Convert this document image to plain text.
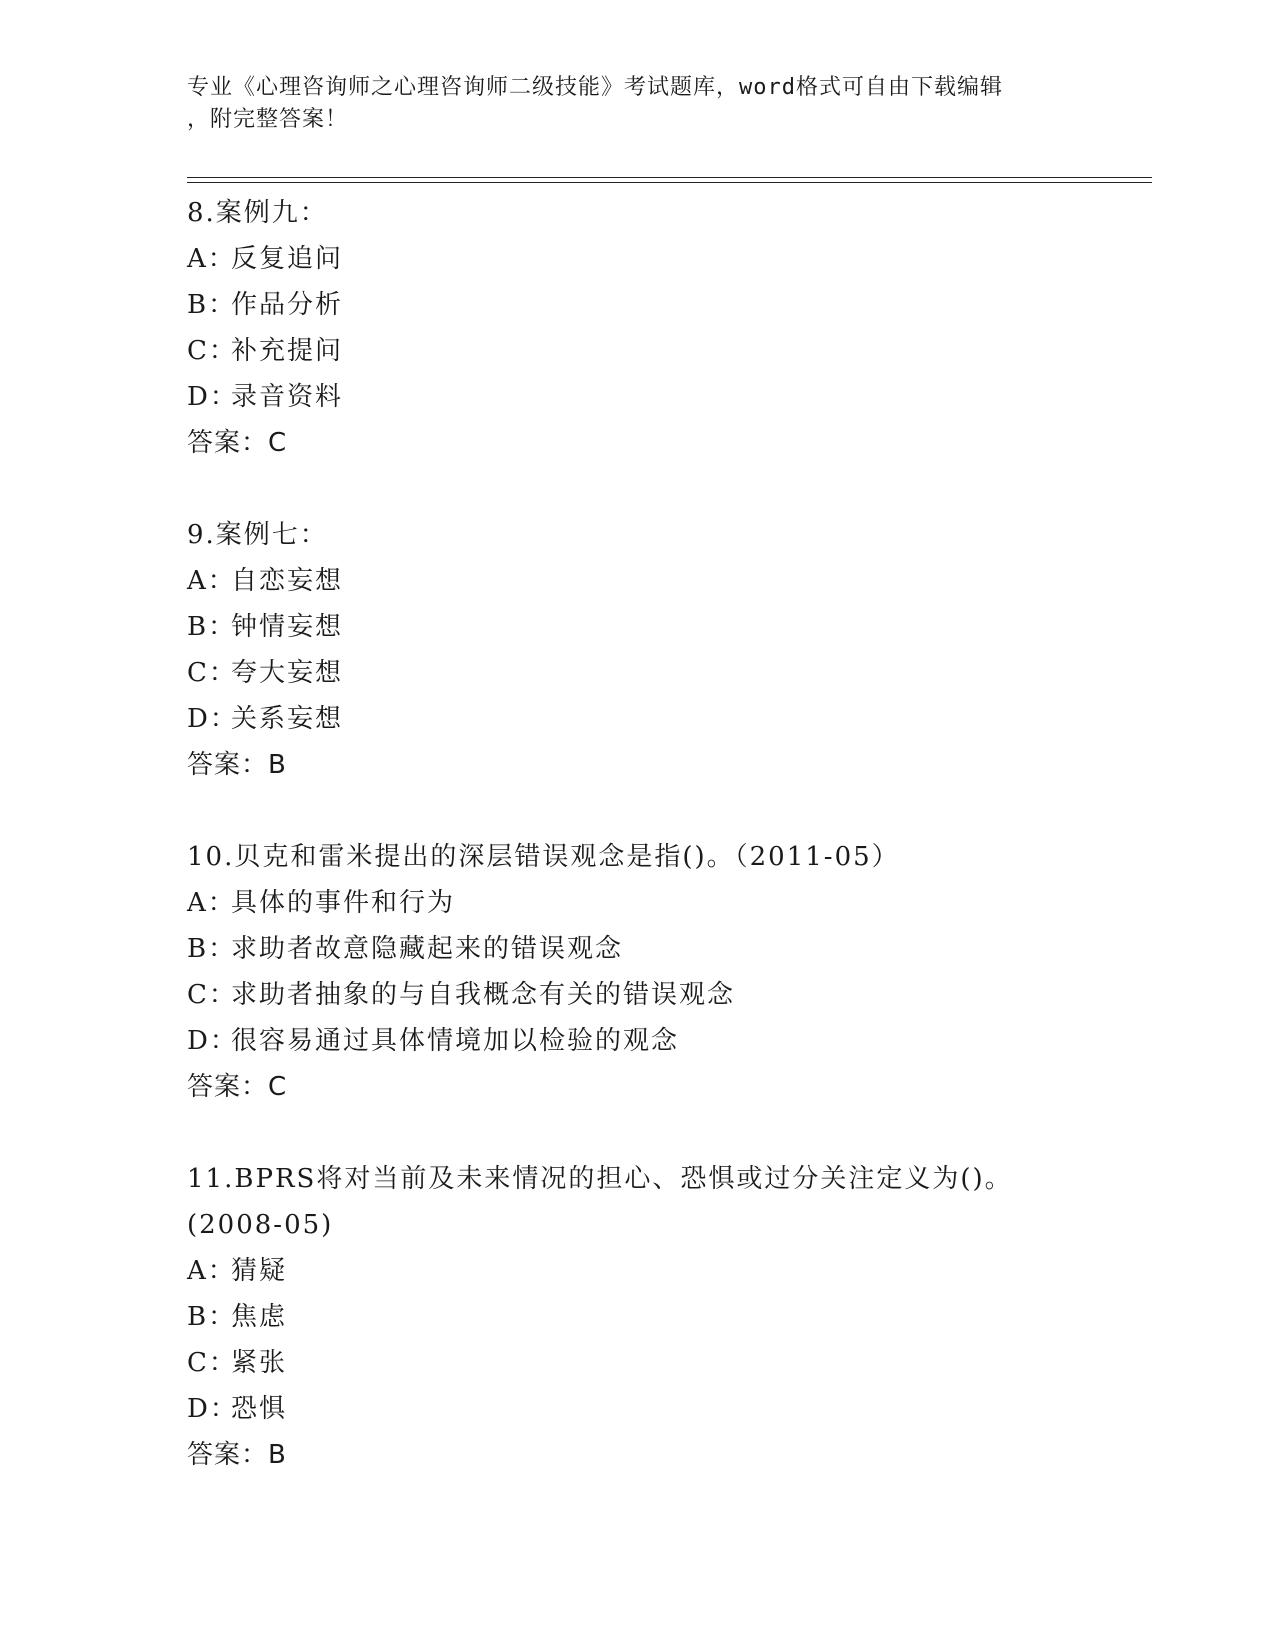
专业《心理咨询师之心理咨询师二级技能》考试题库，word格式可自由下载编辑
，附完整答案！
8.案例九：
A：反复追问
B：作品分析
C：补充提问
D：录音资料
答案：C
9.案例七：
A：自恋妄想
B：钟情妄想
C：夸大妄想
D：关系妄想
答案：B
10.贝克和雷米提出的深层错误观念是指()。（2011-05）
A：具体的事件和行为
B：求助者故意隐藏起来的错误观念
C：求助者抽象的与自我概念有关的错误观念
D：很容易通过具体情境加以检验的观念
答案：C
11.BPRS将对当前及未来情况的担心、恐惧或过分关注定义为()。
(2008-05)
A：猜疑
B：焦虑
C：紧张
D：恐惧
答案：B
